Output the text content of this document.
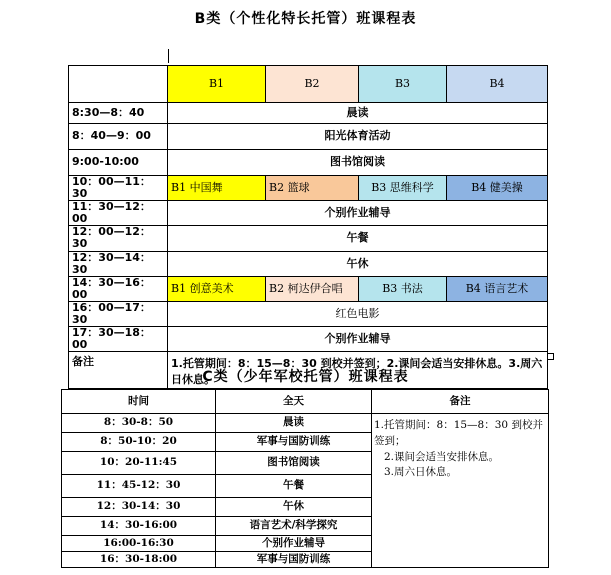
B类（个性化特长托管）班课程表
	B1	B2	B3	B4
8:30—8：40	晨读			
8：40—9：00	阳光体育活动			
9:00-10:00	图书馆阅读			
10：00—11：30	B1 中国舞	B2 篮球	B3 思维科学	B4 健美操
11：30—12：00	个别作业辅导			
12：00—12：30	午餐			
12：30—14：30	午休			
14：30—16：00	B1 创意美术	B2 柯达伊合唱	B3 书法	B4 语言艺术
16：00—17：30	红色电影			
17：30—18：00	个别作业辅导			
备注	1.托管期间：8：15—8：30 到校并签到；2.课间会适当安排休息。3.周六日休息。			
C类（少年军校托管）班课程表
时间	全天	备注
8：30-8：50	晨读	1.托管期间：8：15—8：30 到校并签到；
2.课间会适当安排休息。
3.周六日休息。

8：50-10：20	军事与国防训练	
10：20-11:45	图书馆阅读	
11：45-12：30	午餐	
12：30-14：30	午休	
14：30-16:00	语言艺术/科学探究	
16:00-16:30	个别作业辅导	
16：30-18:00	军事与国防训练	
